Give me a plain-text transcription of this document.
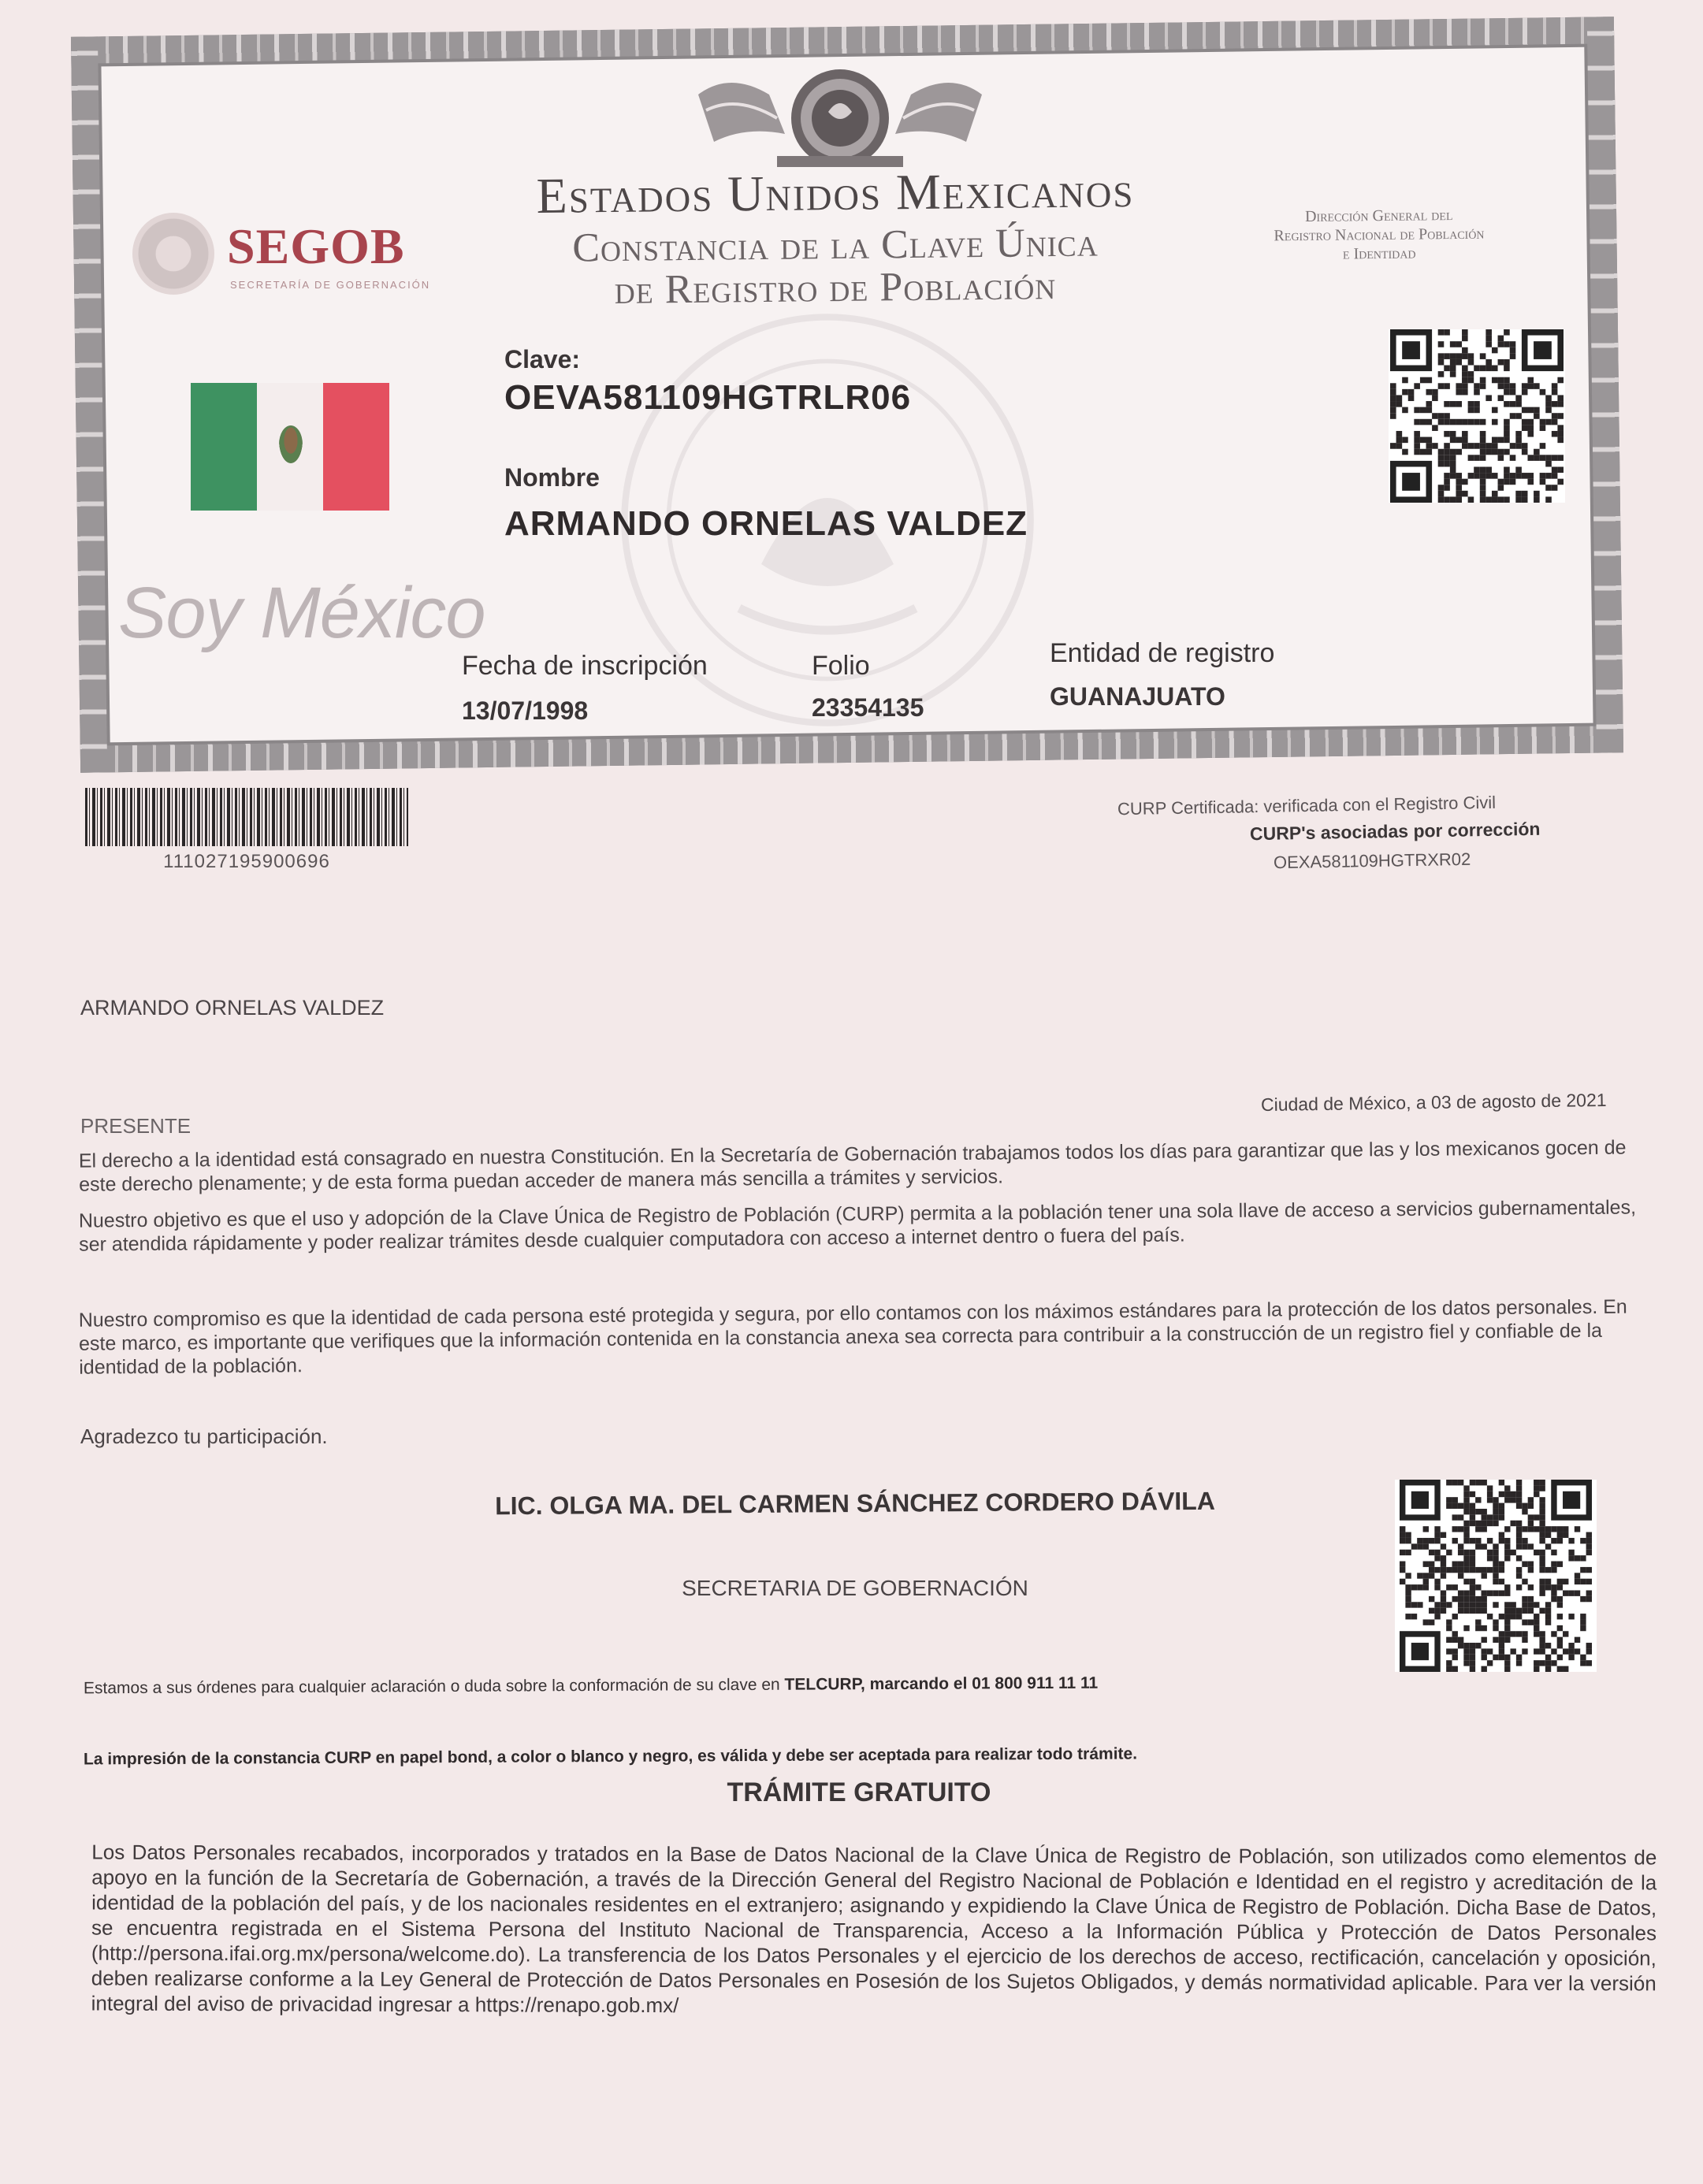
Estados Unidos Mexicanos
Constancia de la Clave Única
de Registro de Población
Dirección General del
Registro Nacional de Población
e Identidad
SEGOB
SECRETARÍA DE GOBERNACIÓN
Soy México
Clave:
OEVA581109HGTRLR06
Nombre
ARMANDO ORNELAS VALDEZ
Fecha de inscripción
13/07/1998
Folio
23354135
Entidad de registro
GUANAJUATO
111027195900696
CURP Certificada: verificada con el Registro Civil
CURP's asociadas por corrección
OEXA581109HGTRXR02
ARMANDO ORNELAS VALDEZ
Ciudad de México, a 03 de agosto de 2021
PRESENTE
El derecho a la identidad está consagrado en nuestra Constitución. En la Secretaría de Gobernación trabajamos todos los días para garantizar que las y los mexicanos gocen de este derecho plenamente; y de esta forma puedan acceder de manera más sencilla a trámites y servicios.
Nuestro objetivo es que el uso y adopción de la Clave Única de Registro de Población (CURP) permita a la población tener una sola llave de acceso a servicios gubernamentales, ser atendida rápidamente y poder realizar trámites desde cualquier computadora con acceso a internet dentro o fuera del país.
Nuestro compromiso es que la identidad de cada persona esté protegida y segura, por ello contamos con los máximos estándares para la protección de los datos personales. En este marco, es importante que verifiques que la información contenida en la constancia anexa sea correcta para contribuir a la construcción de un registro fiel y confiable de la identidad de la población.
Agradezco tu participación.
LIC. OLGA MA. DEL CARMEN SÁNCHEZ CORDERO DÁVILA
SECRETARIA DE GOBERNACIÓN
Estamos a sus órdenes para cualquier aclaración o duda sobre la conformación de su clave en TELCURP, marcando el 01 800 911 11 11
La impresión de la constancia CURP en papel bond, a color o blanco y negro, es válida y debe ser aceptada para realizar todo trámite.
TRÁMITE GRATUITO
Los Datos Personales recabados, incorporados y tratados en la Base de Datos Nacional de la Clave Única de Registro de Población, son utilizados como elementos de apoyo en la función de la Secretaría de Gobernación, a través de la Dirección General del Registro Nacional de Población e Identidad en el registro y acreditación de la identidad de la población del país, y de los nacionales residentes en el extranjero; asignando y expidiendo la Clave Única de Registro de Población. Dicha Base de Datos, se encuentra registrada en el Sistema Persona del Instituto Nacional de Transparencia, Acceso a la Información Pública y Protección de Datos Personales (http://persona.ifai.org.mx/persona/welcome.do). La transferencia de los Datos Personales y el ejercicio de los derechos de acceso, rectificación, cancelación y oposición, deben realizarse conforme a la Ley General de Protección de Datos Personales en Posesión de los Sujetos Obligados, y demás normatividad aplicable. Para ver la versión integral del aviso de privacidad ingresar a https://renapo.gob.mx/
